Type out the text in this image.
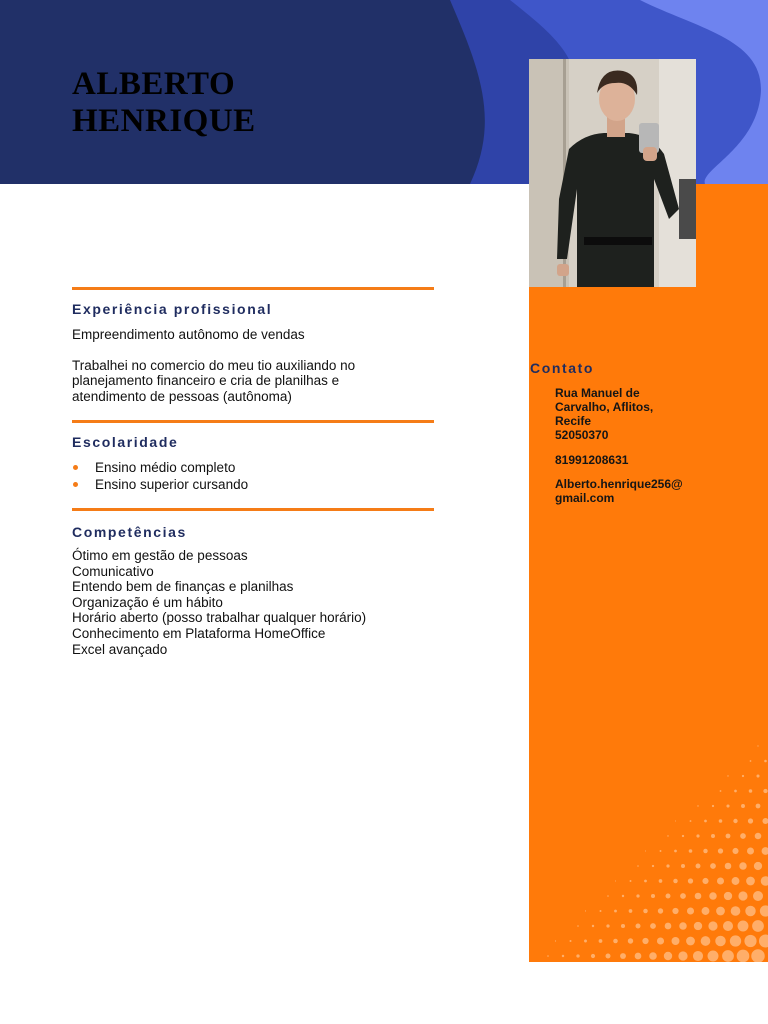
ALBERTO
HENRIQUE
Contato
Rua Manuel de
Carvalho, Aflitos,
Recife
52050370
81991208631
Alberto.henrique256@
gmail.com
Experiência profissional

Empreendimento autônomo de vendas

Trabalhei no comercio do meu tio auxiliando no planejamento financeiro e cria de planilhas e atendimento de pessoas (autônoma)

Escolaridade
Ensino médio completo
Ensino superior cursando
Competências
Ótimo em gestão de pessoas
Comunicativo
Entendo bem de finanças e planilhas
Organização é um hábito
Horário aberto (posso trabalhar qualquer horário)
Conhecimento em Plataforma HomeOffice
Excel avançado
